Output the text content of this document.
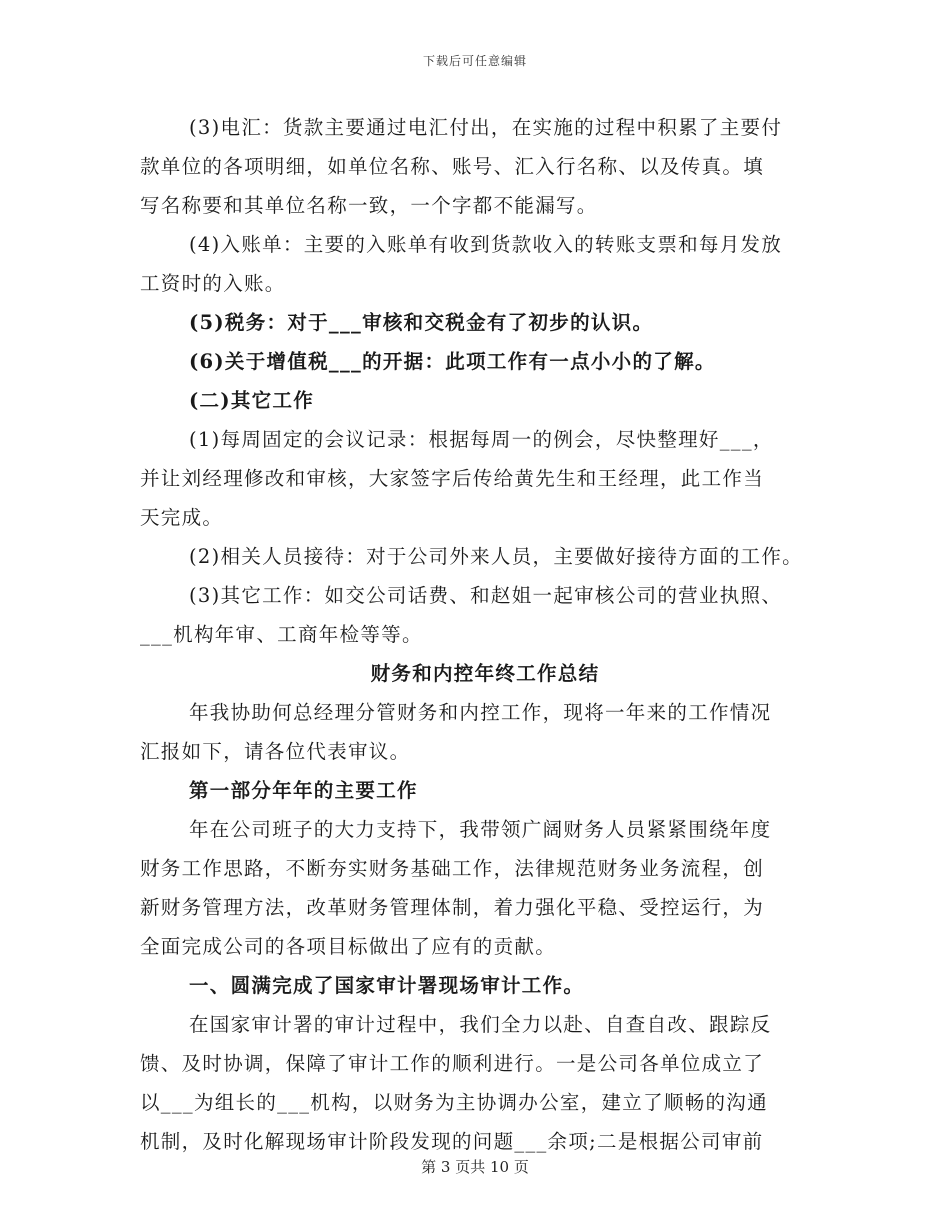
下载后可任意编辑
(3)电汇：货款主要通过电汇付出，在实施的过程中积累了主要付
款单位的各项明细，如单位名称、账号、汇入行名称、以及传真。填
写名称要和其单位名称一致，一个字都不能漏写。
(4)入账单：主要的入账单有收到货款收入的转账支票和每月发放
工资时的入账。
(5)税务：对于___审核和交税金有了初步的认识。
(6)关于增值税___的开据：此项工作有一点小小的了解。
(二)其它工作
(1)每周固定的会议记录：根据每周一的例会，尽快整理好___，
并让刘经理修改和审核，大家签字后传给黄先生和王经理，此工作当
天完成。
(2)相关人员接待：对于公司外来人员，主要做好接待方面的工作。
(3)其它工作：如交公司话费、和赵姐一起审核公司的营业执照、
___机构年审、工商年检等等。
财务和内控年终工作总结
年我协助何总经理分管财务和内控工作，现将一年来的工作情况
汇报如下，请各位代表审议。
第一部分年年的主要工作
年在公司班子的大力支持下，我带领广阔财务人员紧紧围绕年度
财务工作思路，不断夯实财务基础工作，法律规范财务业务流程，创
新财务管理方法，改革财务管理体制，着力强化平稳、受控运行，为
全面完成公司的各项目标做出了应有的贡献。
一、圆满完成了国家审计署现场审计工作。
在国家审计署的审计过程中，我们全力以赴、自查自改、跟踪反
馈、及时协调，保障了审计工作的顺利进行。一是公司各单位成立了
以___为组长的___机构，以财务为主协调办公室，建立了顺畅的沟通
机制，及时化解现场审计阶段发现的问题___余项;二是根据公司审前
第 3 页共 10 页
